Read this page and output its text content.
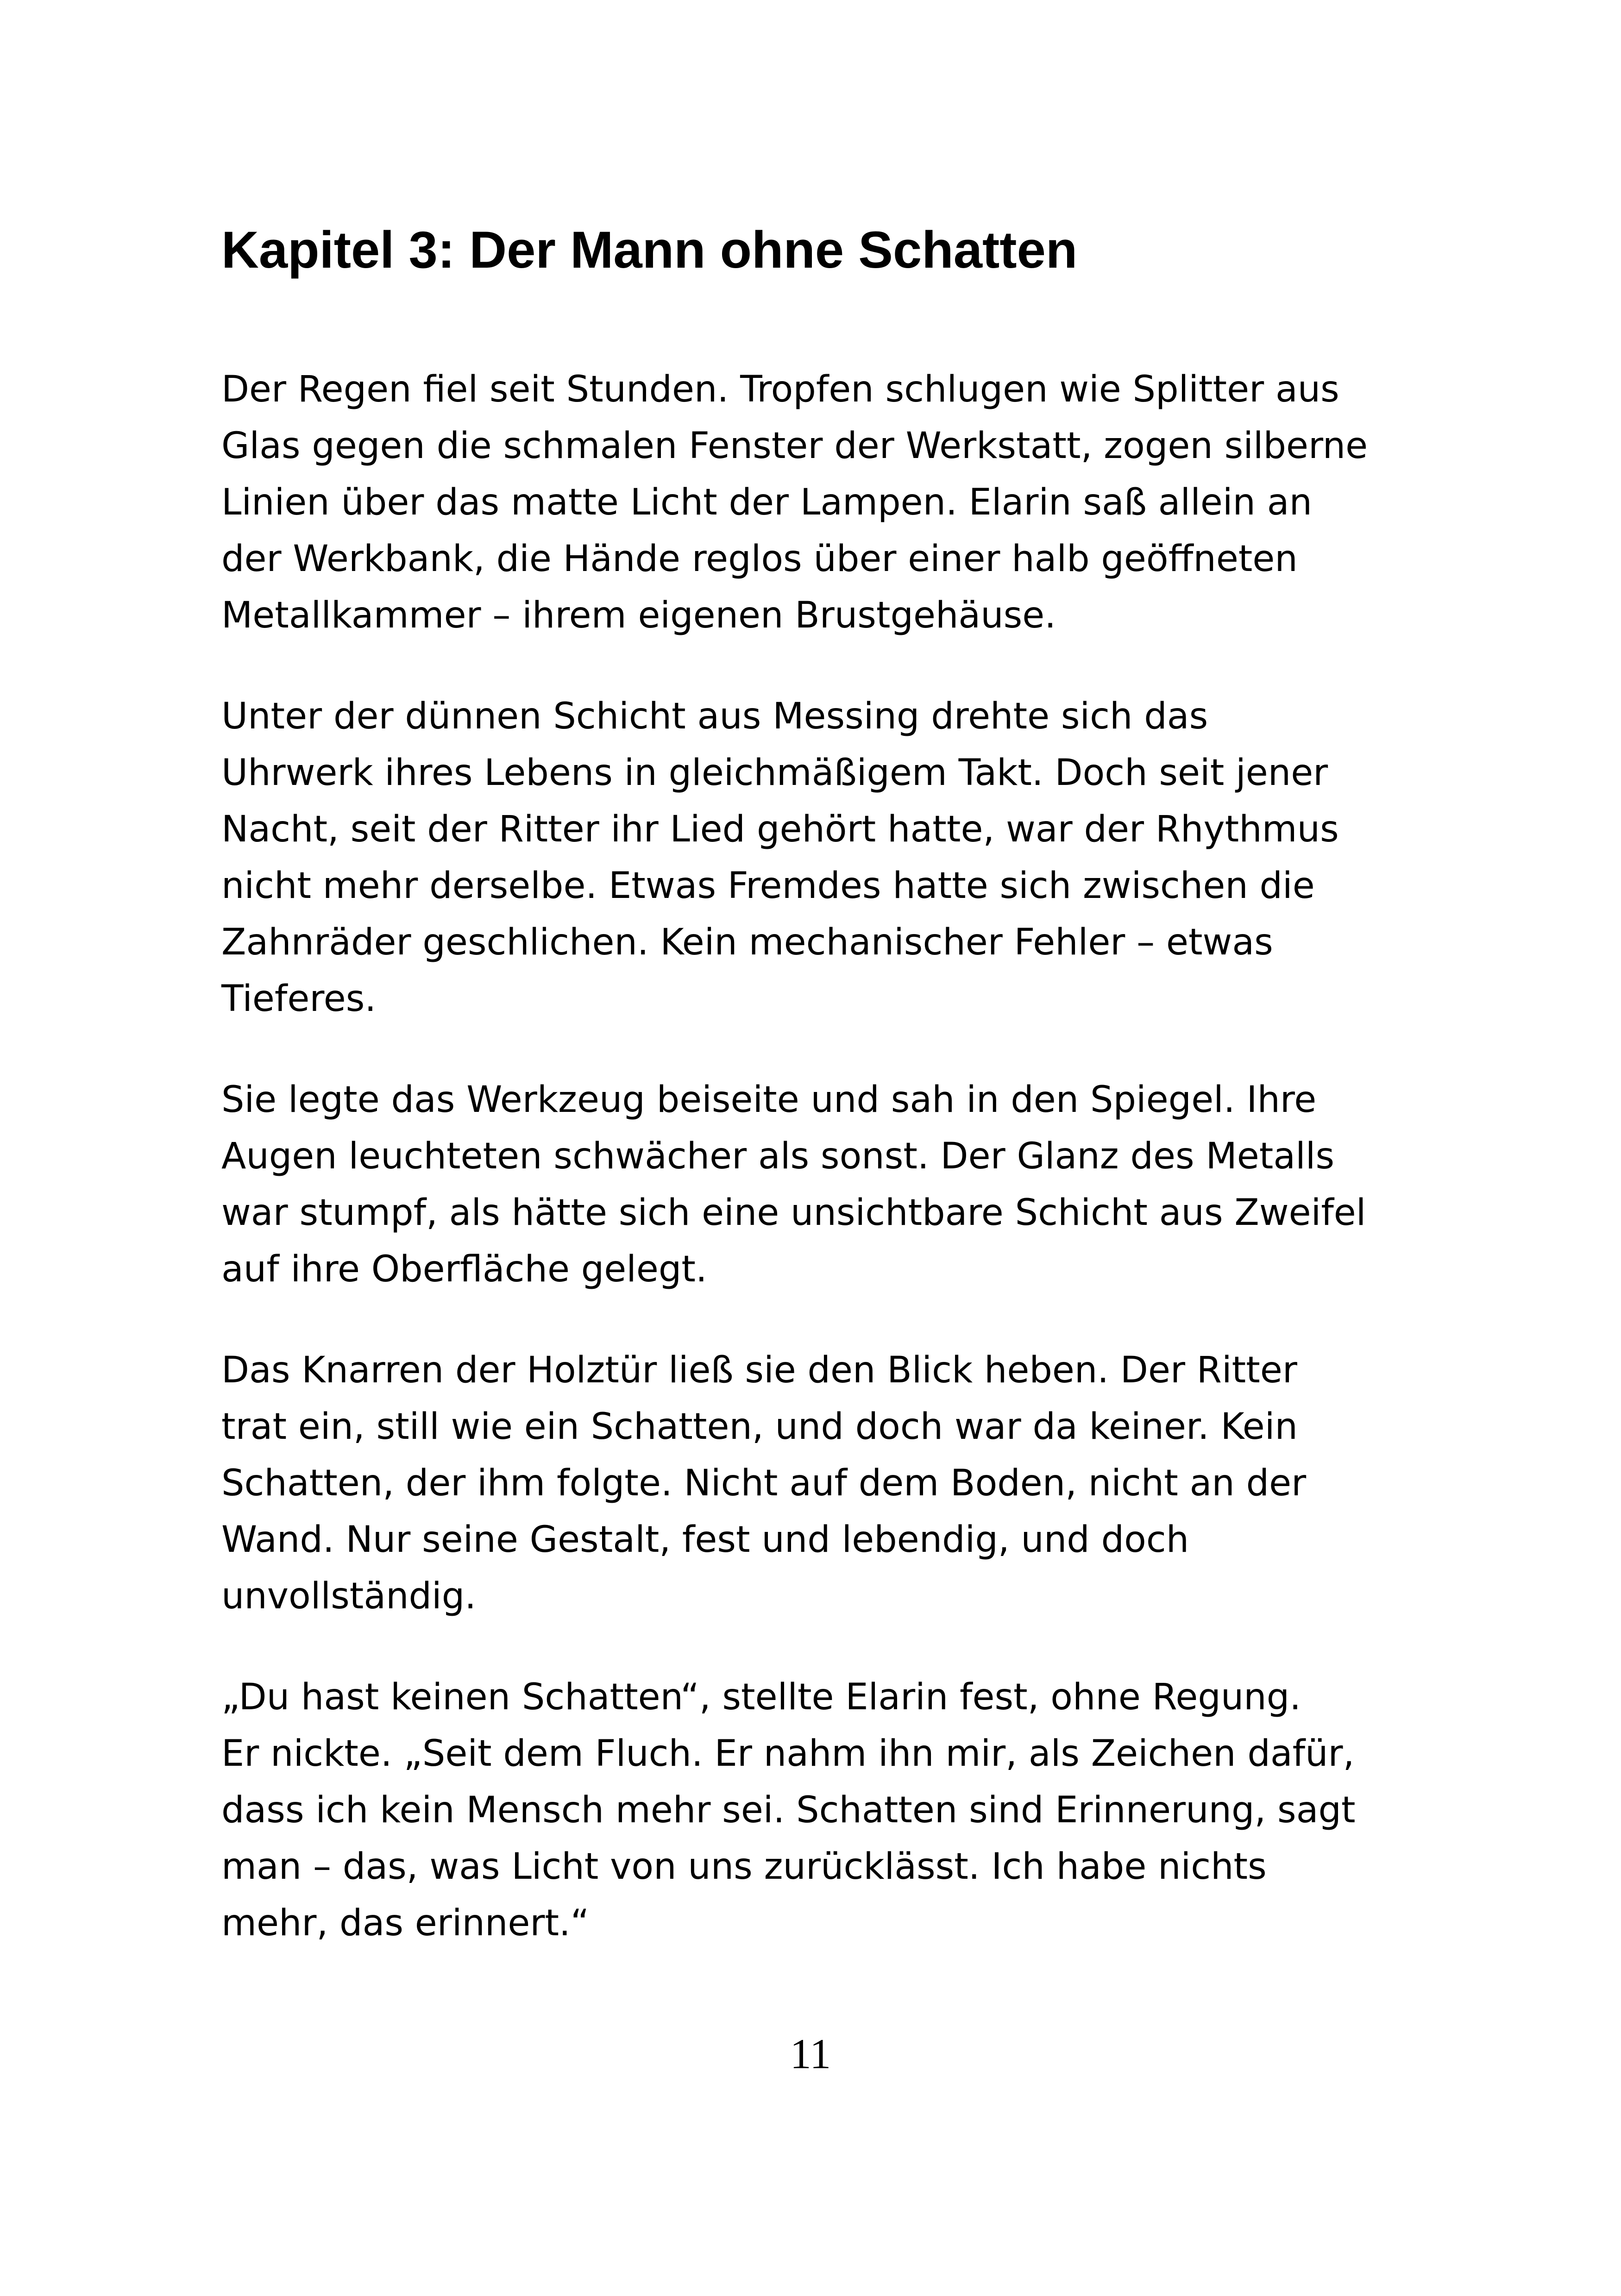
Kapitel 3: Der Mann ohne Schatten

Der Regen fiel seit Stunden. Tropfen schlugen wie Splitter aus
Glas gegen die schmalen Fenster der Werkstatt, zogen silberne
Linien über das matte Licht der Lampen. Elarin saß allein an
der Werkbank, die Hände reglos über einer halb geöffneten
Metallkammer – ihrem eigenen Brustgehäuse.

Unter der dünnen Schicht aus Messing drehte sich das
Uhrwerk ihres Lebens in gleichmäßigem Takt. Doch seit jener
Nacht, seit der Ritter ihr Lied gehört hatte, war der Rhythmus
nicht mehr derselbe. Etwas Fremdes hatte sich zwischen die
Zahnräder geschlichen. Kein mechanischer Fehler – etwas
Tieferes.

Sie legte das Werkzeug beiseite und sah in den Spiegel. Ihre
Augen leuchteten schwächer als sonst. Der Glanz des Metalls
war stumpf, als hätte sich eine unsichtbare Schicht aus Zweifel
auf ihre Oberfläche gelegt.

Das Knarren der Holztür ließ sie den Blick heben. Der Ritter
trat ein, still wie ein Schatten, und doch war da keiner. Kein
Schatten, der ihm folgte. Nicht auf dem Boden, nicht an der
Wand. Nur seine Gestalt, fest und lebendig, und doch
unvollständig.

„Du hast keinen Schatten“, stellte Elarin fest, ohne Regung.
Er nickte. „Seit dem Fluch. Er nahm ihn mir, als Zeichen dafür,
dass ich kein Mensch mehr sei. Schatten sind Erinnerung, sagt
man – das, was Licht von uns zurücklässt. Ich habe nichts
mehr, das erinnert.“

11
